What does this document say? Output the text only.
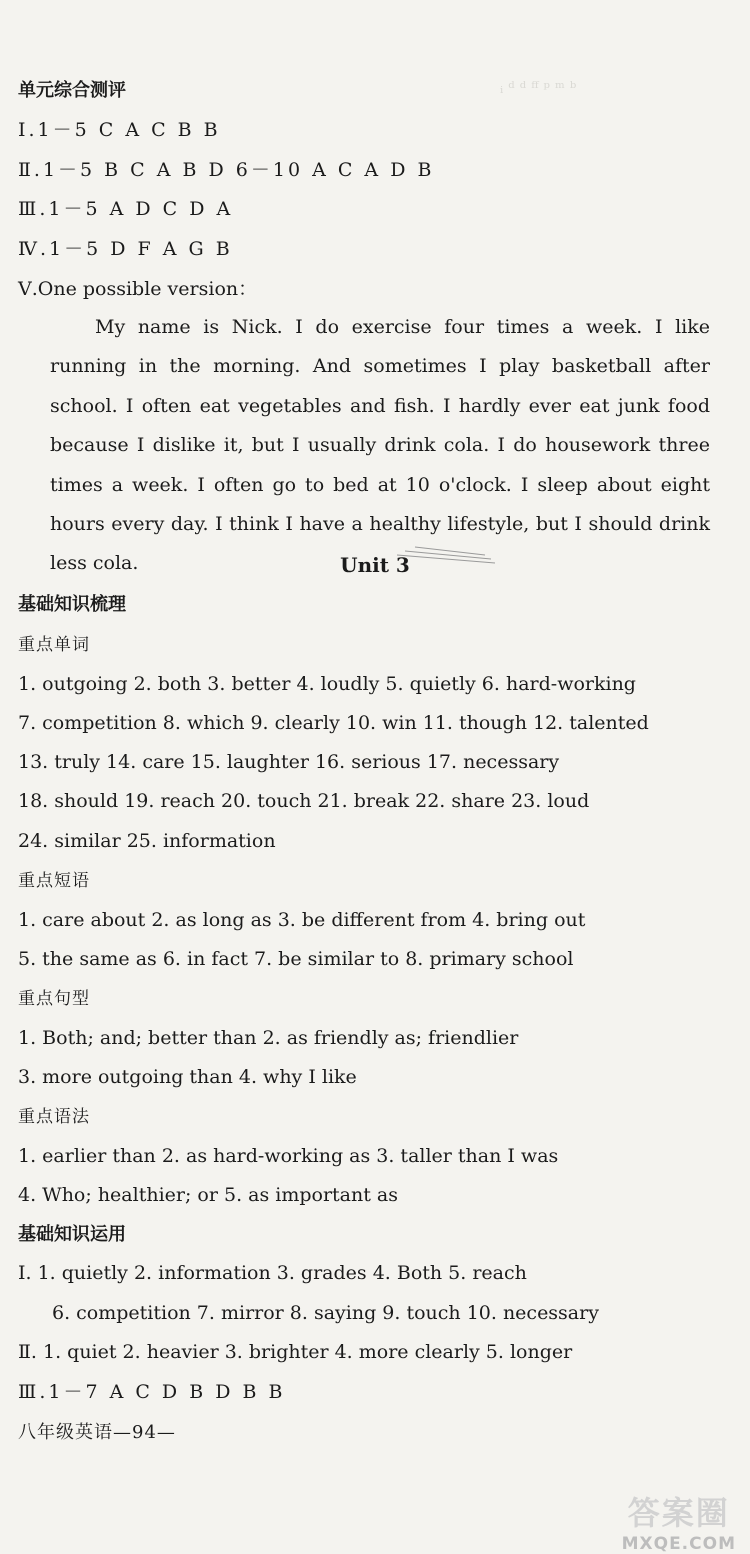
ᵢ ᵈ ᵈ ᶠᶠ ᵖ ᵐ ᵇ
单元综合测评
Ⅰ.1－5 C A C B B
Ⅱ.1－5 B C A B D 6－10 A C A D B
Ⅲ.1－5 A D C D A
Ⅳ.1－5 D F A G B
Ⅴ.One possible version：
My name is Nick. I do exercise four times a week. I like running in the morning. And sometimes I play basketball after school. I often eat vegetables and fish. I hardly ever eat junk food because I dislike it, but I usually drink cola. I do housework three times a week. I often go to bed at 10 o'clock. I sleep about eight hours every day. I think I have a healthy lifestyle, but I should drink less cola.	Unit 3
基础知识梳理
重点单词
1. outgoing 2. both 3. better 4. loudly 5. quietly 6. hard-working
7. competition 8. which 9. clearly 10. win 11. though 12. talented
13. truly 14. care 15. laughter 16. serious 17. necessary
18. should 19. reach 20. touch 21. break 22. share 23. loud
24. similar 25. information
重点短语
1. care about 2. as long as 3. be different from 4. bring out
5. the same as 6. in fact 7. be similar to 8. primary school
重点句型
1. Both; and; better than 2. as friendly as; friendlier
3. more outgoing than 4. why I like
重点语法
1. earlier than 2. as hard-working as 3. taller than I was
4. Who; healthier; or 5. as important as
基础知识运用
Ⅰ. 1. quietly 2. information 3. grades 4. Both 5. reach
6. competition 7. mirror 8. saying 9. touch 10. necessary
Ⅱ. 1. quiet 2. heavier 3. brighter 4. more clearly 5. longer
Ⅲ.1－7 A C D B D B B
八年级英语—94—
答案圈
MXQE.COM
